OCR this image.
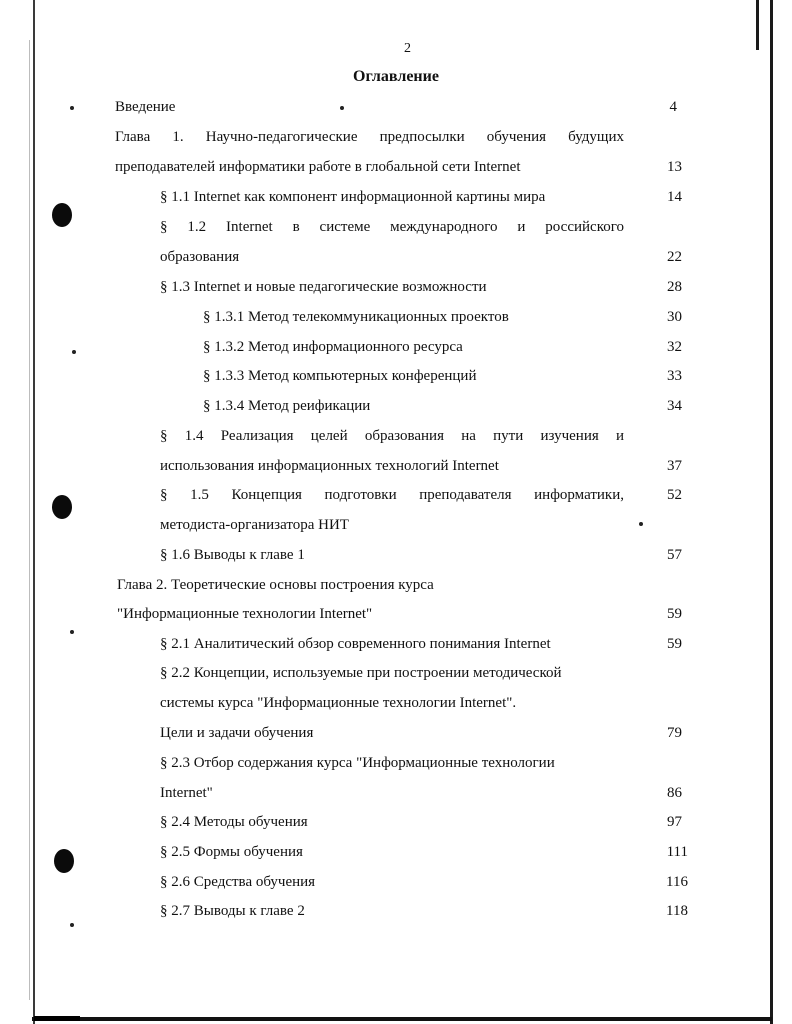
2
Оглавление
Введение	4
Глава 1. Научно-педагогические предпосылки обучения будущих
преподавателей информатики работе в глобальной сети Internet	13
§ 1.1 Internet как компонент информационной картины мира	14
§ 1.2 Internet в системе международного и российского
образования	22
§ 1.3 Internet и новые педагогические возможности	28
§ 1.3.1 Метод телекоммуникационных проектов	30
§ 1.3.2 Метод информационного ресурса	32
§ 1.3.3 Метод компьютерных конференций	33
§ 1.3.4 Метод реификации	34
§ 1.4 Реализация целей образования на пути изучения и
использования информационных технологий Internet	37
§ 1.5 Концепция подготовки преподавателя информатики,	52
методиста-организатора НИТ
§ 1.6 Выводы к главе 1	57
Глава 2. Теоретические основы построения курса
"Информационные технологии Internet"	59
§ 2.1 Аналитический обзор современного понимания Internet	59
§ 2.2 Концепции, используемые при построении методической
системы курса "Информационные технологии Internet".
Цели и задачи обучения	79
§ 2.3 Отбор содержания курса "Информационные технологии
Internet"	86
§ 2.4 Методы обучения	97
§ 2.5 Формы обучения	111
§ 2.6 Средства обучения	116
§ 2.7 Выводы к главе 2	118
